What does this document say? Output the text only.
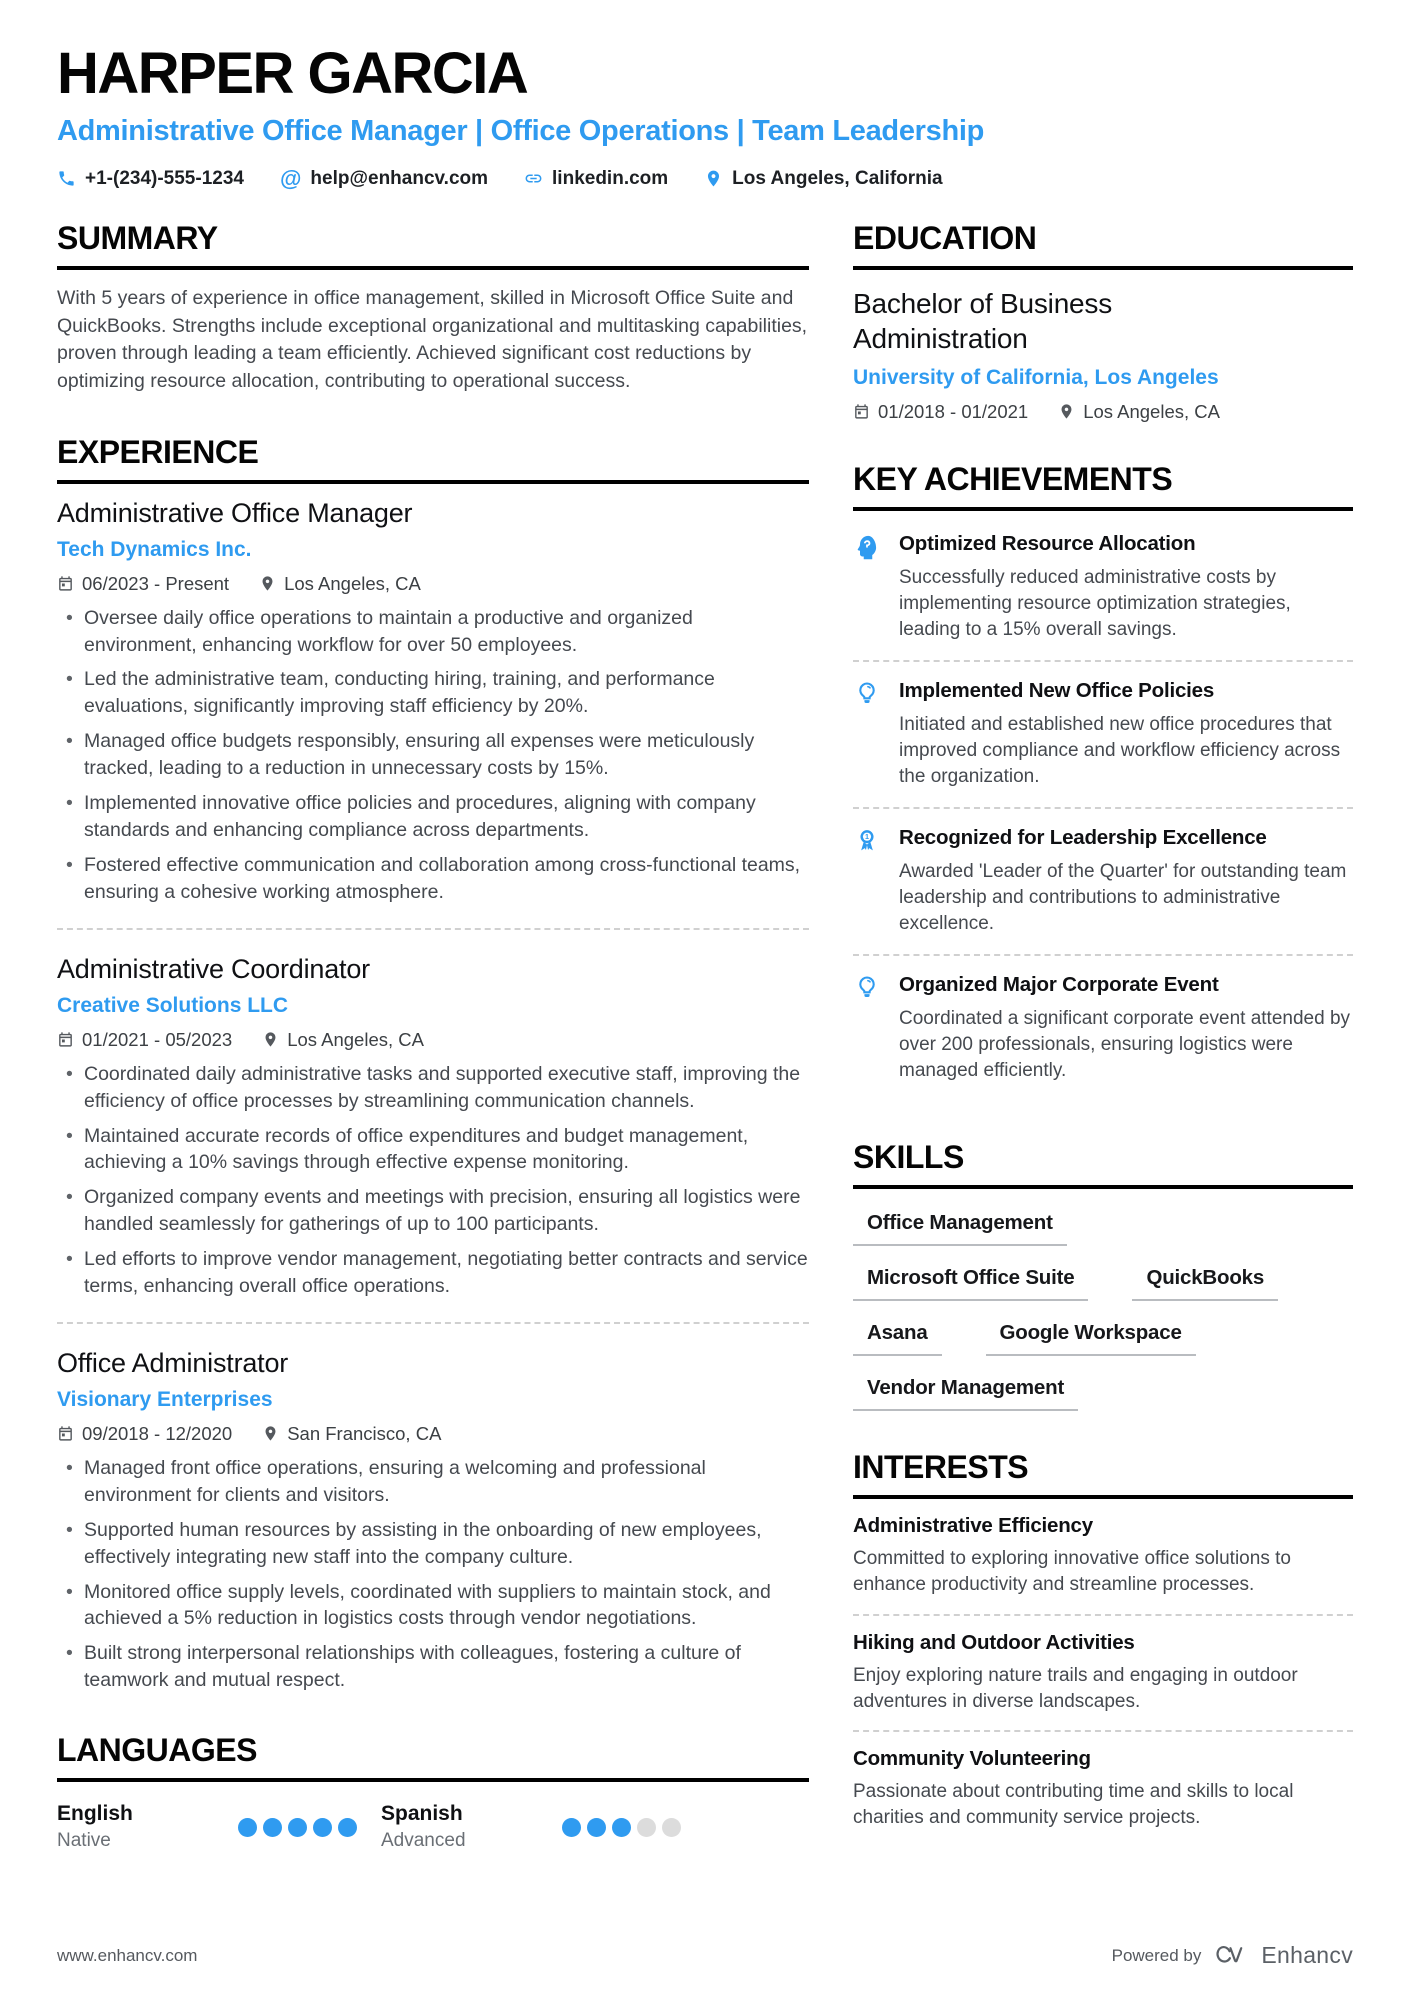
HARPER GARCIA
Administrative Office Manager | Office Operations | Team Leadership
+1-(234)-555-1234 @ help@enhancv.com	linkedin.com	Los Angeles, California
SUMMARY

With 5 years of experience in office management, skilled in Microsoft Office Suite and QuickBooks. Strengths include exceptional organizational and multitasking capabilities, proven through leading a team efficiently. Achieved significant cost reductions by optimizing resource allocation, contributing to operational success.

EXPERIENCE
Administrative Office Manager
Tech Dynamics Inc.
06/2023 - Present	Los Angeles, CA
• Oversee daily office operations to maintain a productive and organized environment, enhancing workflow for over 50 employees.
• Led the administrative team, conducting hiring, training, and performance evaluations, significantly improving staff efficiency by 20%.
• Managed office budgets responsibly, ensuring all expenses were meticulously tracked, leading to a reduction in unnecessary costs by 15%.
• Implemented innovative office policies and procedures, aligning with company standards and enhancing compliance across departments.
• Fostered effective communication and collaboration among cross-functional teams, ensuring a cohesive working atmosphere.
Administrative Coordinator
Creative Solutions LLC
01/2021 - 05/2023	Los Angeles, CA
• Coordinated daily administrative tasks and supported executive staff, improving the efficiency of office processes by streamlining communication channels.
• Maintained accurate records of office expenditures and budget management, achieving a 10% savings through effective expense monitoring.
• Organized company events and meetings with precision, ensuring all logistics were handled seamlessly for gatherings of up to 100 participants.
• Led efforts to improve vendor management, negotiating better contracts and service terms, enhancing overall office operations.
Office Administrator
Visionary Enterprises
09/2018 - 12/2020	San Francisco, CA
• Managed front office operations, ensuring a welcoming and professional environment for clients and visitors.
• Supported human resources by assisting in the onboarding of new employees, effectively integrating new staff into the company culture.
• Monitored office supply levels, coordinated with suppliers to maintain stock, and achieved a 5% reduction in logistics costs through vendor negotiations.
• Built strong interpersonal relationships with colleagues, fostering a culture of teamwork and mutual respect.
LANGUAGES
English
Native
Spanish
Advanced
EDUCATION
Bachelor of Business Administration
University of California, Los Angeles
01/2018 - 01/2021	Los Angeles, CA
KEY ACHIEVEMENTS
Optimized Resource Allocation
Successfully reduced administrative costs by implementing resource optimization strategies, leading to a 15% overall savings.
Implemented New Office Policies
Initiated and established new office procedures that improved compliance and workflow efficiency across the organization.
1 Recognized for Leadership Excellence
Awarded 'Leader of the Quarter' for outstanding team leadership and contributions to administrative excellence.
Organized Major Corporate Event
Coordinated a significant corporate event attended by over 200 professionals, ensuring logistics were managed efficiently.
SKILLS
Office Management
Microsoft Office Suite	QuickBooks
Asana	Google Workspace
Vendor Management
INTERESTS
Administrative Efficiency
Committed to exploring innovative office solutions to enhance productivity and streamline processes.
Hiking and Outdoor Activities
Enjoy exploring nature trails and engaging in outdoor adventures in diverse landscapes.
Community Volunteering
Passionate about contributing time and skills to local charities and community service projects.
www.enhancv.com	Powered by	Enhancv
